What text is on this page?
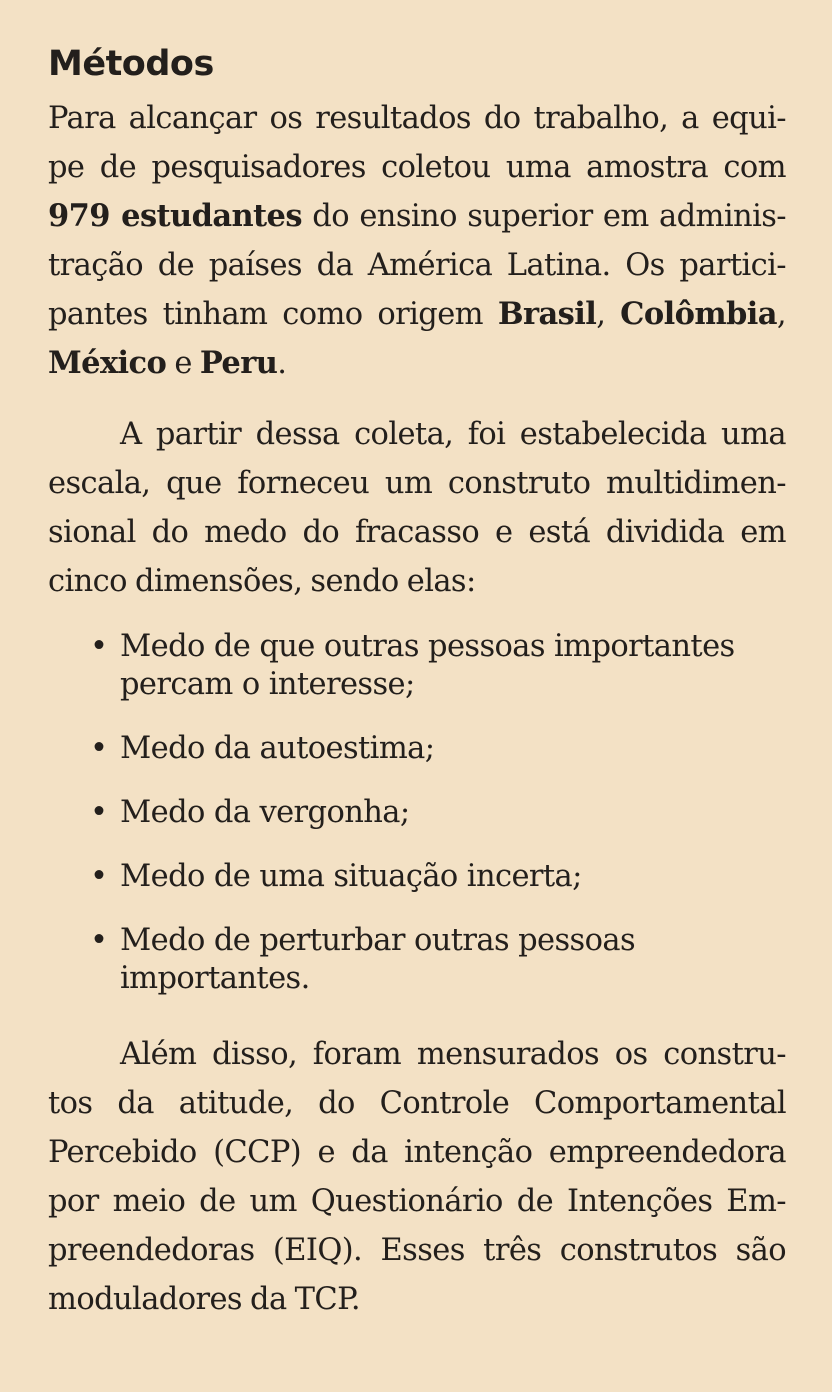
Métodos

Para alcançar os resultados do trabalho, a equi- pe de pesquisadores coletou uma amostra com 979 estudantes do ensino superior em adminis- tração de países da América Latina. Os partici- pantes tinham como origem Brasil, Colômbia, México e Peru.

A partir dessa coleta, foi estabelecida uma escala, que forneceu um construto multidimen- sional do medo do fracasso e está dividida em cinco dimensões, sendo elas:

• Medo de que outras pessoas importantes percam o interesse;
• Medo da autoestima;
• Medo da vergonha;
• Medo de uma situação incerta;
• Medo de perturbar outras pessoas importantes.

Além disso, foram mensurados os constru- tos da atitude, do Controle Comportamental Percebido (CCP) e da intenção empreendedora por meio de um Questionário de Intenções Em- preendedoras (EIQ). Esses três construtos são moduladores da TCP.
